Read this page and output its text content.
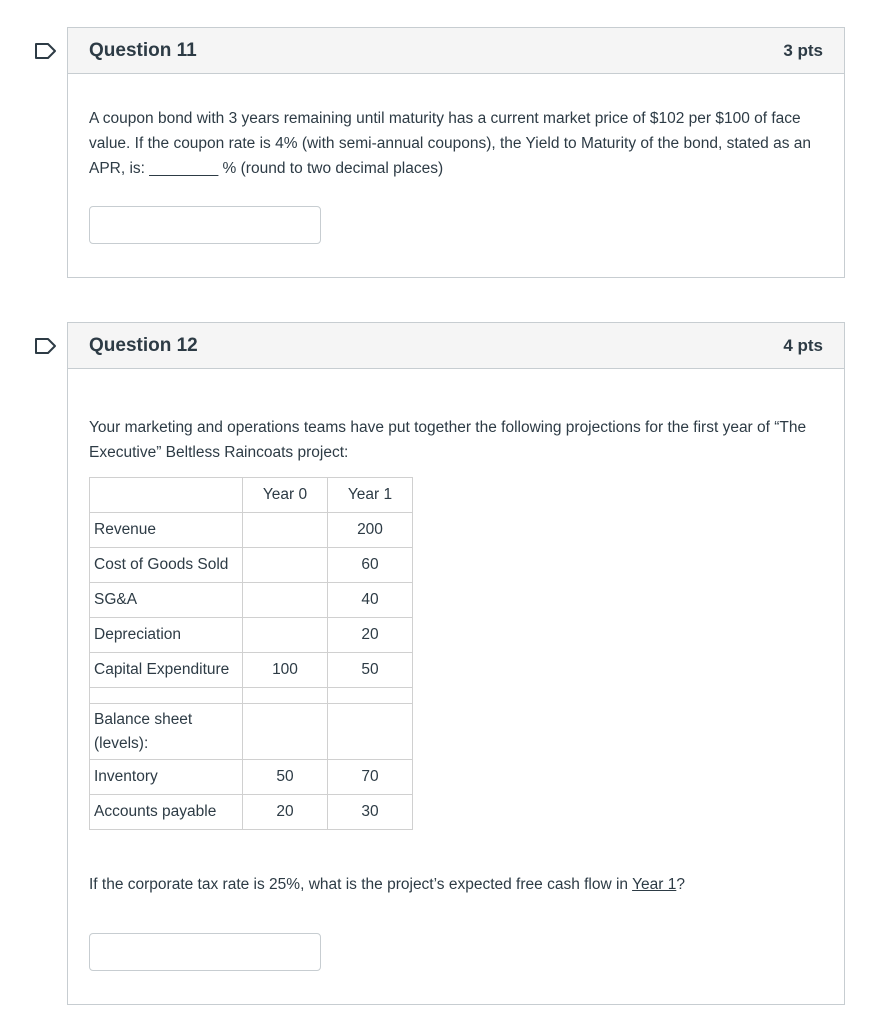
Question 11	3 pts

A coupon bond with 3 years remaining until maturity has a current market price of $102 per $100 of face value. If the coupon rate is 4% (with semi-annual coupons), the Yield to Maturity of the bond, stated as an APR, is: ________ % (round to two decimal places)

Question 12	4 pts

Your marketing and operations teams have put together the following projections for the first year of “The Executive” Beltless Raincoats project:

	Year 0	Year 1
Revenue		200
Cost of Goods Sold		60
SG&A		40
Depreciation		20
Capital Expenditure	100	50

Balance sheet (levels):		
Inventory	50	70
Accounts payable	20	30

If the corporate tax rate is 25%, what is the project’s expected free cash flow in Year 1?
